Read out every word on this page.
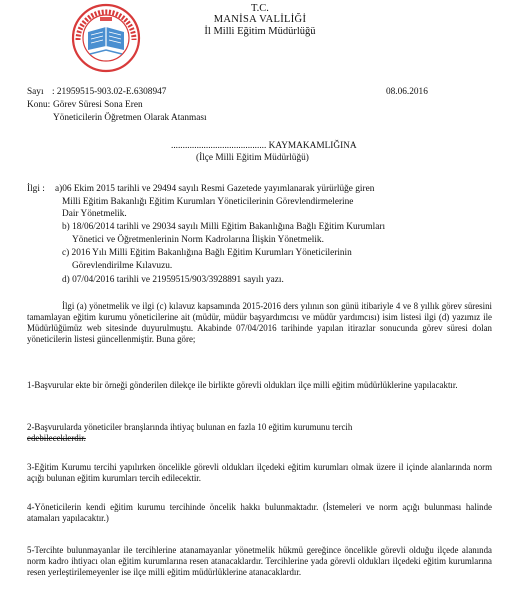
T.C.
MANİSA VALİLİĞİ
İl Milli Eğitim Müdürlüğü
Sayı : 21959515-903.02-E.6308947	08.06.2016
Konu: Görev Süresi Sona Eren
Yöneticilerin Öğretmen Olarak Atanması
......................................... KAYMAKAMLIĞINA
(İlçe Milli Eğitim Müdürlüğü)
İlgi : a)06 Ekim 2015 tarihli ve 29494 sayılı Resmi Gazetede yayımlanarak yürürlüğe giren
Milli Eğitim Bakanlığı Eğitim Kurumları Yöneticilerinin Görevlendirmelerine
Dair Yönetmelik.
b) 18/06/2014 tarihli ve 29034 sayılı Milli Eğitim Bakanlığına Bağlı Eğitim Kurumları
Yönetici ve Öğretmenlerinin Norm Kadrolarına İlişkin Yönetmelik.
c) 2016 Yılı Milli Eğitim Bakanlığına Bağlı Eğitim Kurumları Yöneticilerinin
Görevlendirilme Kılavuzu.
d) 07/04/2016 tarihli ve 21959515/903/3928891 sayılı yazı.

İlgi (a) yönetmelik ve ilgi (c) kılavuz kapsamında 2015-2016 ders yılının son günü itibariyle 4 ve 8 yıllık görev süresini tamamlayan eğitim kurumu yöneticilerine ait (müdür, müdür başyardımcısı ve müdür yardımcısı) isim listesi ilgi (d) yazımız ile Müdürlüğümüz web sitesinde duyurulmuştu. Akabinde 07/04/2016 tarihinde yapılan itirazlar sonucunda görev süresi dolan yöneticilerin listesi güncellenmiştir. Buna göre;

1-Başvurular ekte bir örneği gönderilen dilekçe ile birlikte görevli oldukları ilçe milli eğitim müdürlüklerine yapılacaktır.

2-Başvurularda yöneticiler branşlarında ihtiyaç bulunan en fazla 10 eğitim kurumunu tercih
edebileceklerdir.

3-Eğitim Kurumu tercihi yapılırken öncelikle görevli oldukları ilçedeki eğitim kurumları olmak üzere il içinde alanlarında norm açığı bulunan eğitim kurumları tercih edilecektir.

4-Yöneticilerin kendi eğitim kurumu tercihinde öncelik hakkı bulunmaktadır. (İstemeleri ve norm açığı bulunması halinde atamaları yapılacaktır.)

5-Tercihte bulunmayanlar ile tercihlerine atanamayanlar yönetmelik hükmü gereğince öncelikle görevli olduğu ilçede alanında norm kadro ihtiyacı olan eğitim kurumlarına resen atanacaklardır. Tercihlerine yada görevli oldukları ilçedeki eğitim kurumlarına resen yerleştirilemeyenler ise ilçe milli eğitim müdürlüklerine atanacaklardır.
